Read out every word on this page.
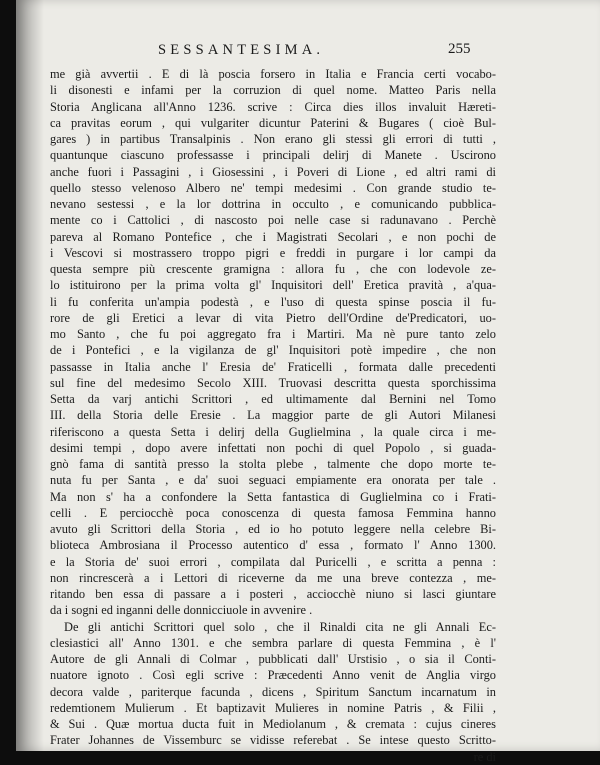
SESSANTESIMA.	255
me già avvertii . E di là poscia forsero in Italia e Francia certi vocabo-
li disonesti e infami per la corruzion di quel nome. Matteo Paris nella
Storia Anglicana all'Anno 1236. scrive : Circa dies illos invaluit Hæreti-
ca pravitas eorum , qui vulgariter dicuntur Paterini & Bugares ( cioè Bul-
gares ) in partibus Transalpinis . Non erano gli stessi gli errori di tutti ,
quantunque ciascuno professasse i principali delirj di Manete . Uscirono
anche fuori i Passagini , i Giosessini , i Poveri di Lione , ed altri rami di
quello stesso velenoso Albero ne' tempi medesimi . Con grande studio te-
nevano sestessi , e la lor dottrina in occulto , e comunicando pubblica-
mente co i Cattolici , di nascosto poi nelle case si radunavano . Perchè
pareva al Romano Pontefice , che i Magistrati Secolari , e non pochi de
i Vescovi si mostrassero troppo pigri e freddi in purgare i lor campi da
questa sempre più crescente gramigna : allora fu , che con lodevole ze-
lo istituirono per la prima volta gl' Inquisitori dell' Eretica pravità , a'qua-
li fu conferita un'ampia podestà , e l'uso di questa spinse poscia il fu-
rore de gli Eretici a levar di vita Pietro dell'Ordine de'Predicatori, uo-
mo Santo , che fu poi aggregato fra i Martiri. Ma nè pure tanto zelo
de i Pontefici , e la vigilanza de gl' Inquisitori potè impedire , che non
passasse in Italia anche l' Eresia de' Fraticelli , formata dalle precedenti
sul fine del medesimo Secolo XIII. Truovasi descritta questa sporchissima
Setta da varj antichi Scrittori , ed ultimamente dal Bernini nel Tomo
III. della Storia delle Eresie . La maggior parte de gli Autori Milanesi
riferiscono a questa Setta i delirj della Guglielmina , la quale circa i me-
desimi tempi , dopo avere infettati non pochi di quel Popolo , si guada-
gnò fama di santità presso la stolta plebe , talmente che dopo morte te-
nuta fu per Santa , e da' suoi seguaci empiamente era onorata per tale .
Ma non s' ha a confondere la Setta fantastica di Guglielmina co i Frati-
celli . E perciocchè poca conoscenza di questa famosa Femmina hanno
avuto gli Scrittori della Storia , ed io ho potuto leggere nella celebre Bi-
blioteca Ambrosiana il Processo autentico d' essa , formato l' Anno 1300.
e la Storia de' suoi errori , compilata dal Puricelli , e scritta a penna :
non rincrescerà a i Lettori di riceverne da me una breve contezza , me-
ritando ben essa di passare a i posteri , acciocchè niuno si lasci giuntare
da i sogni ed inganni delle donnicciuole in avvenire .
De gli antichi Scrittori quel solo , che il Rinaldi cita ne gli Annali Ec-
clesiastici all' Anno 1301. e che sembra parlare di questa Femmina , è l'
Autore de gli Annali di Colmar , pubblicati dall' Urstisio , o sia il Conti-
nuatore ignoto . Così egli scrive : Præcedenti Anno venit de Anglia virgo
decora valde , pariterque facunda , dicens , Spiritum Sanctum incarnatum in
redemtionem Mulierum . Et baptizavit Mulieres in nomine Patris , & Filii ,
& Sui . Quæ mortua ducta fuit in Mediolanum , & cremata : cujus cineres
Frater Johannes de Vissemburc se vidisse referebat . Se intese questo Scritto-
re di
